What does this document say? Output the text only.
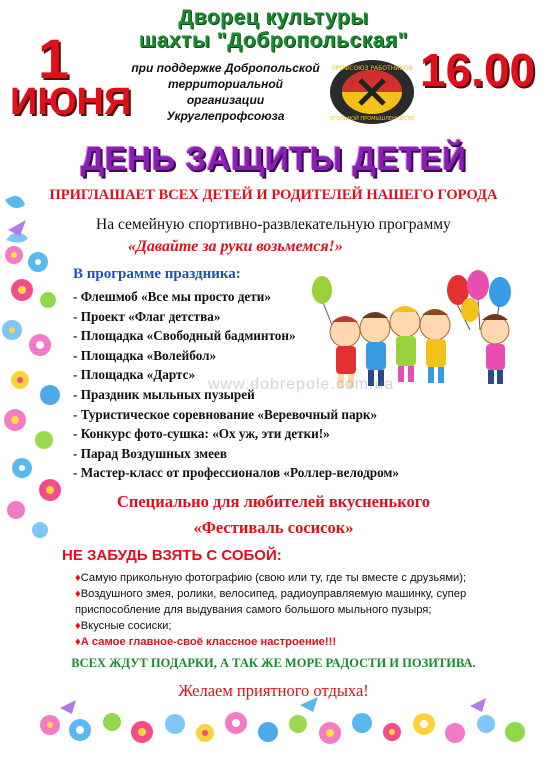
Дворец культуры
шахты "Добропольская"
1
ИЮНЯ
при поддержке Добропольской территориальной организации Укруглепрофсоюза
ПРОФСОЮЗ РАБОТНИКОВ
УГОЛЬНОЙ ПРОМЫШЛЕННОСТИ
16.00
ДЕНЬ ЗАЩИТЫ ДЕТЕЙ
ПРИГЛАШАЕТ ВСЕХ ДЕТЕЙ И РОДИТЕЛЕЙ НАШЕГО ГОРОДА
На семейную спортивно-развлекательную программу
«Давайте за руки возьмемся!»
В программе праздника:
- Флешмоб «Все мы просто дети»
- Проект «Флаг детства»
- Площадка «Свободный бадминтон»
- Площадка «Волейбол»
- Площадка «Дартс»
- Праздник мыльных пузырей
- Туристическое соревнование «Веревочный парк»
- Конкурс фото-сушка: «Ох уж, эти детки!»
- Парад Воздушных змеев
- Мастер-класс от профессионалов «Роллер-велодром»
www.dobrepole.com.ua
Специально для любителей вкусненького
«Фестиваль сосисок»
НЕ ЗАБУДЬ ВЗЯТЬ С СОБОЙ:
♦Самую прикольную фотографию (свою или ту, где ты вместе с друзьями);
♦Воздушного змея, ролики, велосипед, радиоуправляемую машинку, супер приспособление для выдувания самого большого мыльного пузыря;
♦Вкусные сосиски;
♦А самое главное-своё классное настроение!!!
ВСЕХ ЖДУТ ПОДАРКИ, А ТАК ЖЕ МОРЕ РАДОСТИ И ПОЗИТИВА.
Желаем приятного отдыха!
